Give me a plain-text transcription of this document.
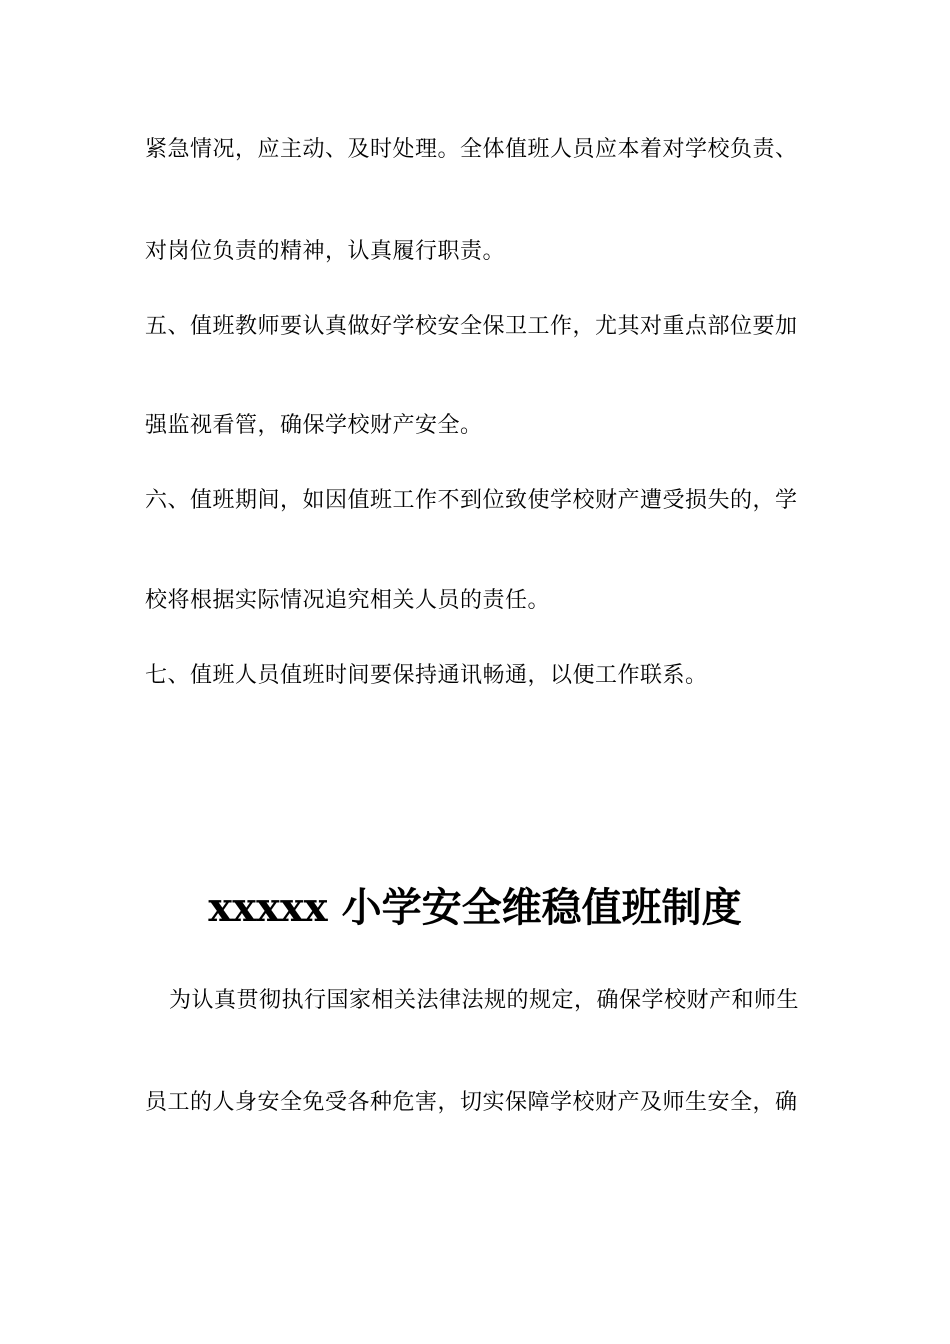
紧急情况，应主动、及时处理。全体值班人员应本着对学校负责、
对岗位负责的精神，认真履行职责。
五、值班教师要认真做好学校安全保卫工作，尤其对重点部位要加
强监视看管，确保学校财产安全。
六、值班期间，如因值班工作不到位致使学校财产遭受损失的，学
校将根据实际情况追究相关人员的责任。
七、值班人员值班时间要保持通讯畅通，以便工作联系。
xxxxx 小学安全维稳值班制度
为认真贯彻执行国家相关法律法规的规定，确保学校财产和师生
员工的人身安全免受各种危害，切实保障学校财产及师生安全，确
